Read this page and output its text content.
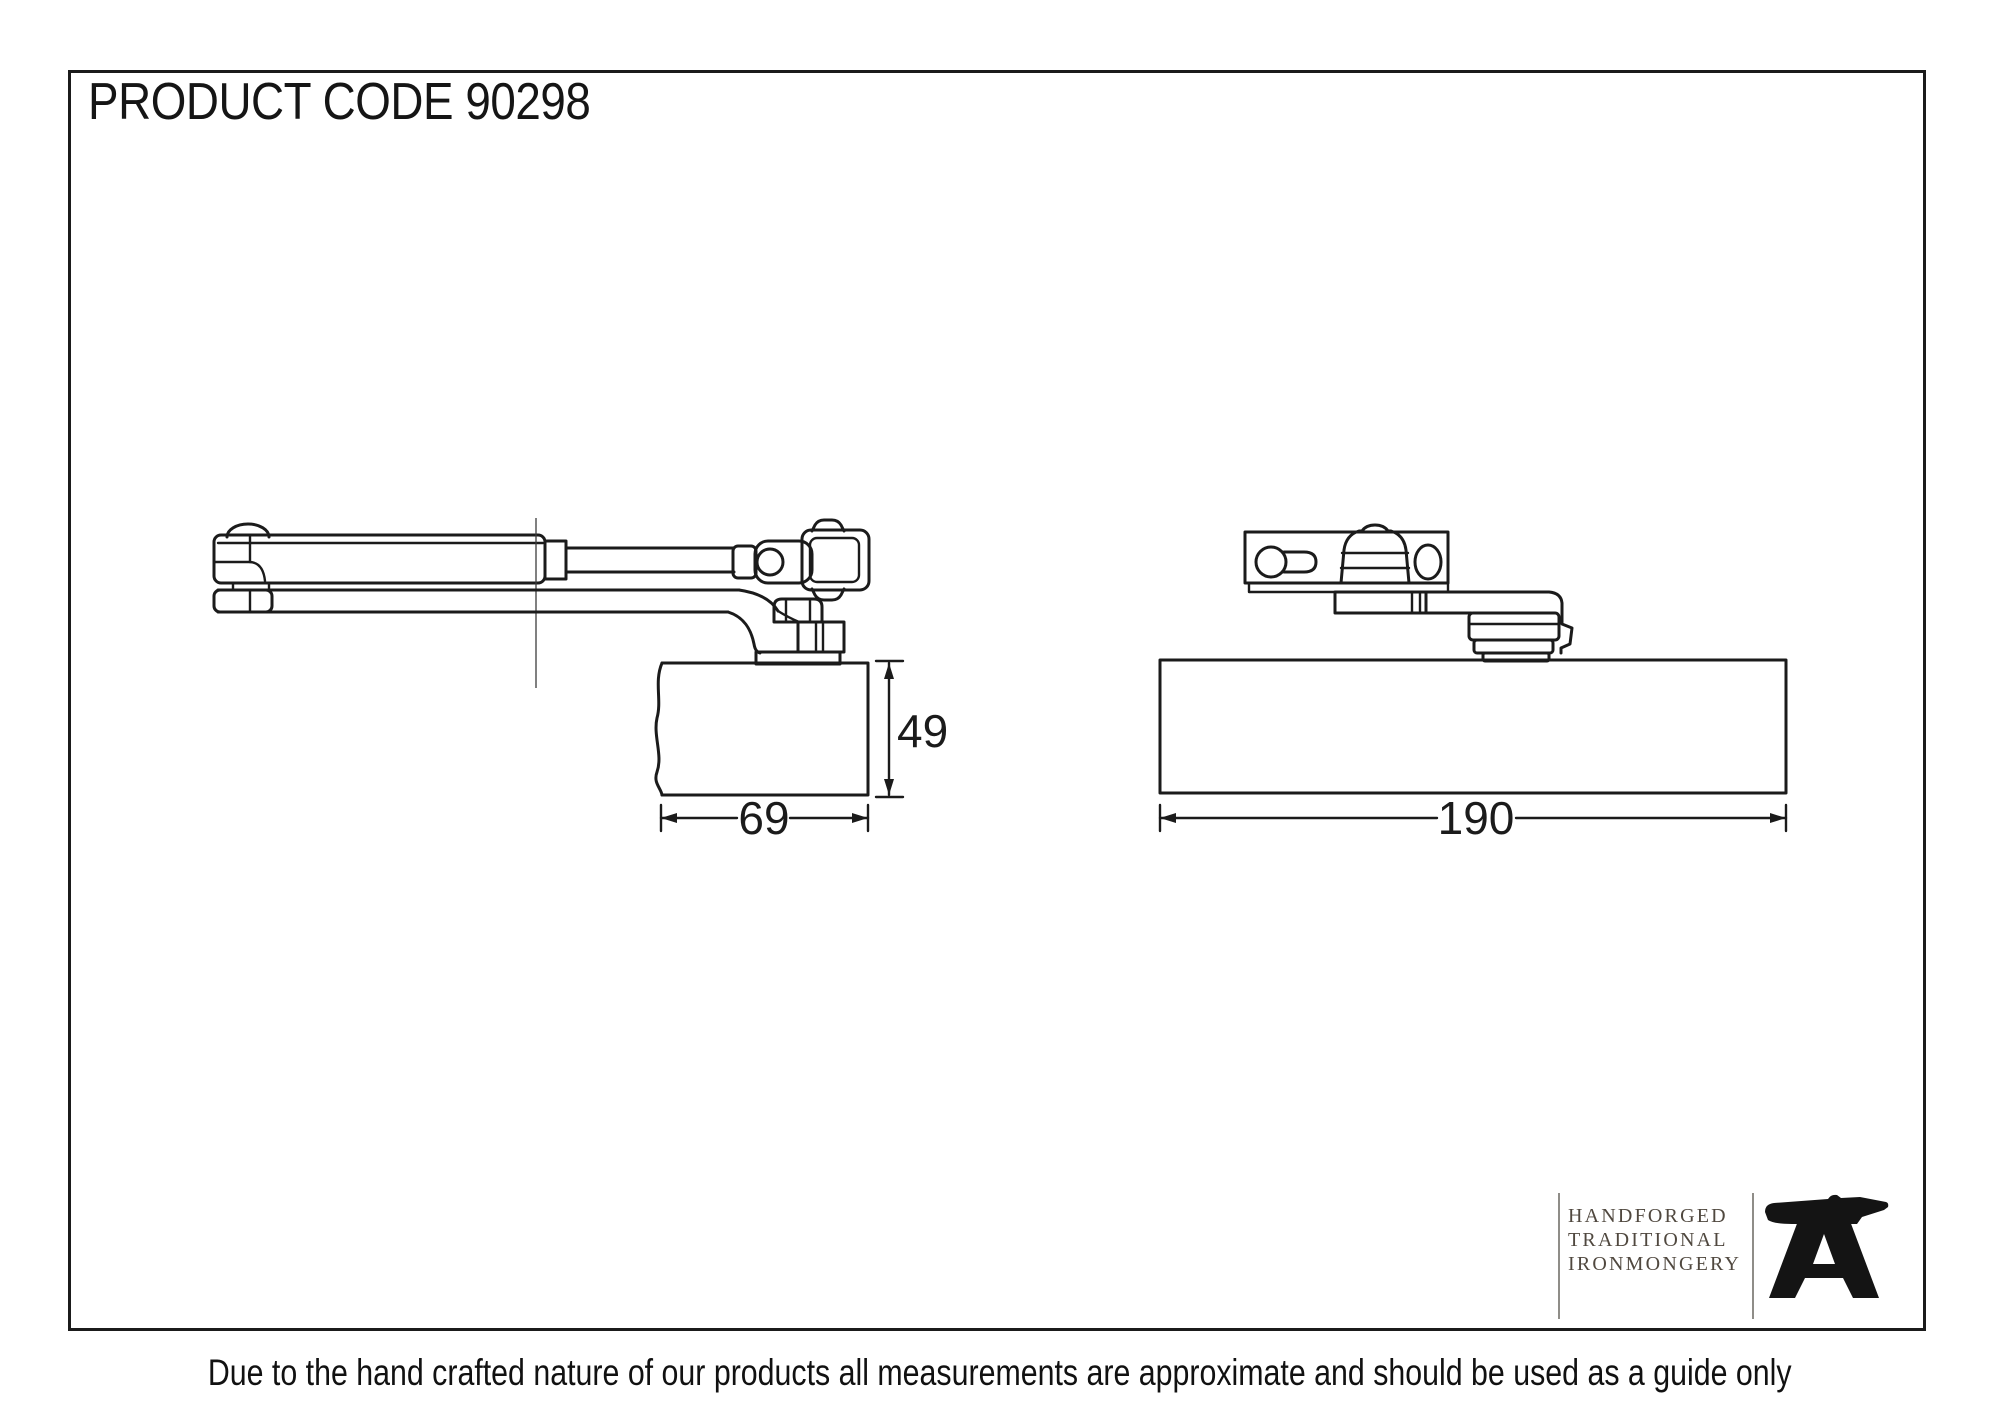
PRODUCT CODE 90298
49
69	190
HANDFORGED
TRADITIONAL
IRONMONGERY
Due to the hand crafted nature of our products all measurements are approximate and should be used as a guide only
